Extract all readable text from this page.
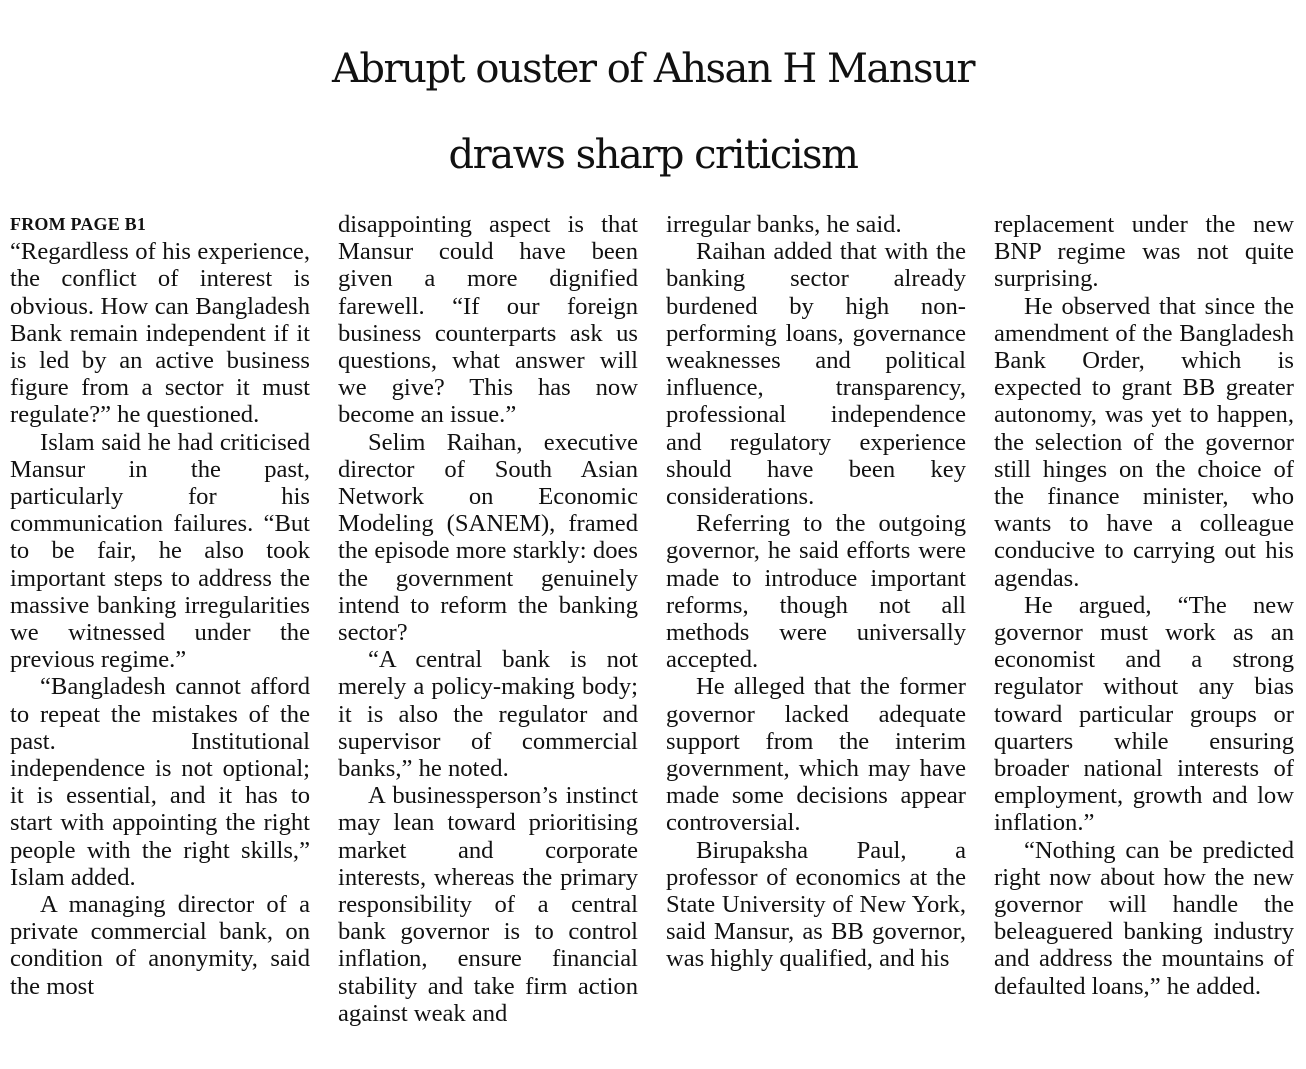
Abrupt ouster of Ahsan H Mansur
draws sharp criticism
FROM PAGE B1

“Regardless of his experience, the conflict of interest is obvious. How can Bangladesh Bank remain independent if it is led by an active business figure from a sector it must regulate?” he questioned.

Islam said he had criticised Mansur in the past, particularly for his communication failures. “But to be fair, he also took important steps to address the massive banking irregularities we witnessed under the previous regime.”

“Bangladesh cannot afford to repeat the mistakes of the past. Institutional independence is not optional; it is essential, and it has to start with appointing the right people with the right skills,” Islam added.

A managing director of a private commercial bank, on condition of anonymity, said the most

disappointing aspect is that Mansur could have been given a more dignified farewell. “If our foreign business counterparts ask us questions, what answer will we give? This has now become an issue.”

Selim Raihan, executive director of South Asian Network on Economic Modeling (SANEM), framed the episode more starkly: does the government genuinely intend to reform the banking sector?

“A central bank is not merely a policy-making body; it is also the regulator and supervisor of commercial banks,” he noted.

A businessperson’s instinct may lean toward prioritising market and corporate interests, whereas the primary responsibility of a central bank governor is to control inflation, ensure financial stability and take firm action against weak and

irregular banks, he said.

Raihan added that with the banking sector already burdened by high non-performing loans, governance weaknesses and political influence, transparency, professional independence and regulatory experience should have been key considerations.

Referring to the outgoing governor, he said efforts were made to introduce important reforms, though not all methods were universally accepted.

He alleged that the former governor lacked adequate support from the interim government, which may have made some decisions appear controversial.

Birupaksha Paul, a professor of economics at the State University of New York, said Mansur, as BB governor, was highly qualified, and his

replacement under the new BNP regime was not quite surprising.

He observed that since the amendment of the Bangladesh Bank Order, which is expected to grant BB greater autonomy, was yet to happen, the selection of the governor still hinges on the choice of the finance minister, who wants to have a colleague conducive to carrying out his agendas.

He argued, “The new governor must work as an economist and a strong regulator without any bias toward particular groups or quarters while ensuring broader national interests of employment, growth and low inflation.”

“Nothing can be predicted right now about how the new governor will handle the beleaguered banking industry and address the mountains of defaulted loans,” he added.
